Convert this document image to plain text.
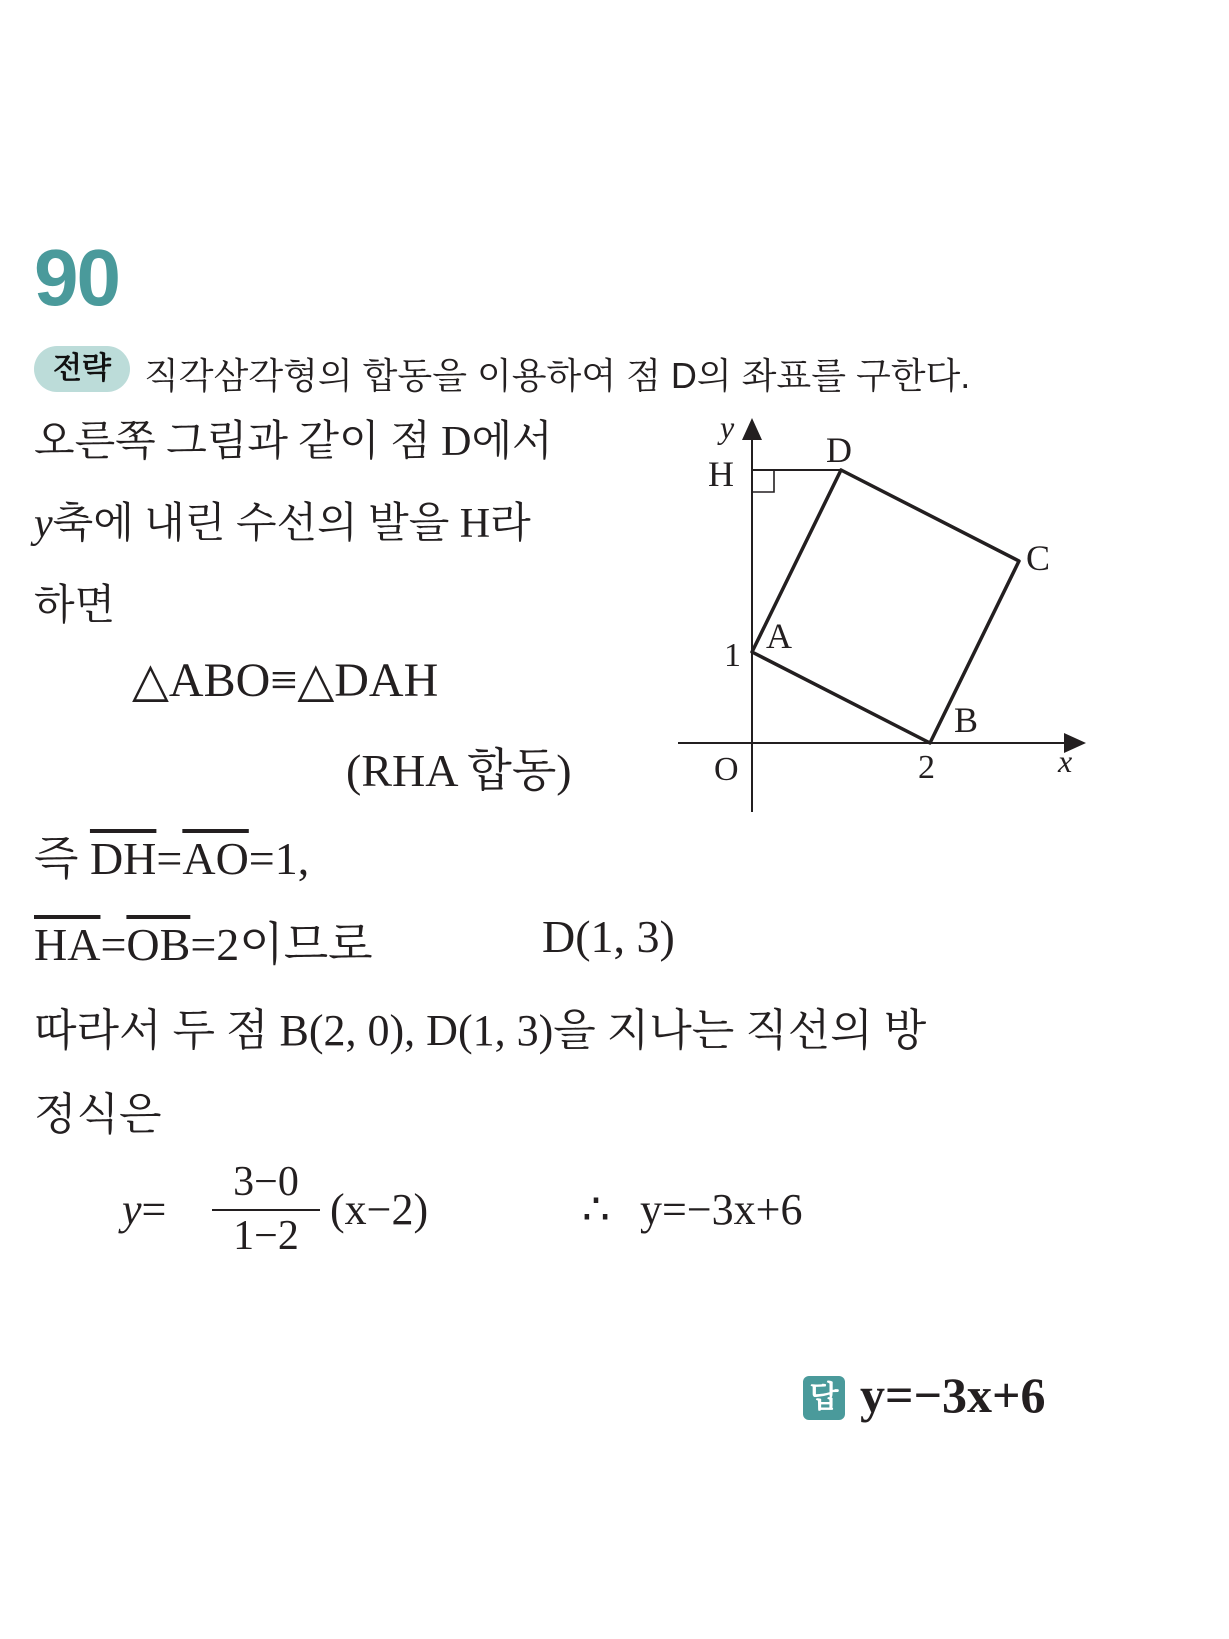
90
전략 직각삼각형의 합동을 이용하여 점 D의 좌표를 구한다.
오른쪽 그림과 같이 점 D에서
y축에 내린 수선의 발을 H라
하면
△ABO≡△DAH
(RHA 합동)
즉 $\overline{DH}=\overline{AO}=1$,
$\overline{HA}=\overline{OB}=2$이므로	D(1, 3)
따라서 두 점 B(2, 0), D(1, 3)을 지나는 직선의 방
정식은
y=
3−0
1−2
(x−2)	∴ y=−3x+6
답 y=−3x+6
y
x
O
H
D
C
A
B
1
2
